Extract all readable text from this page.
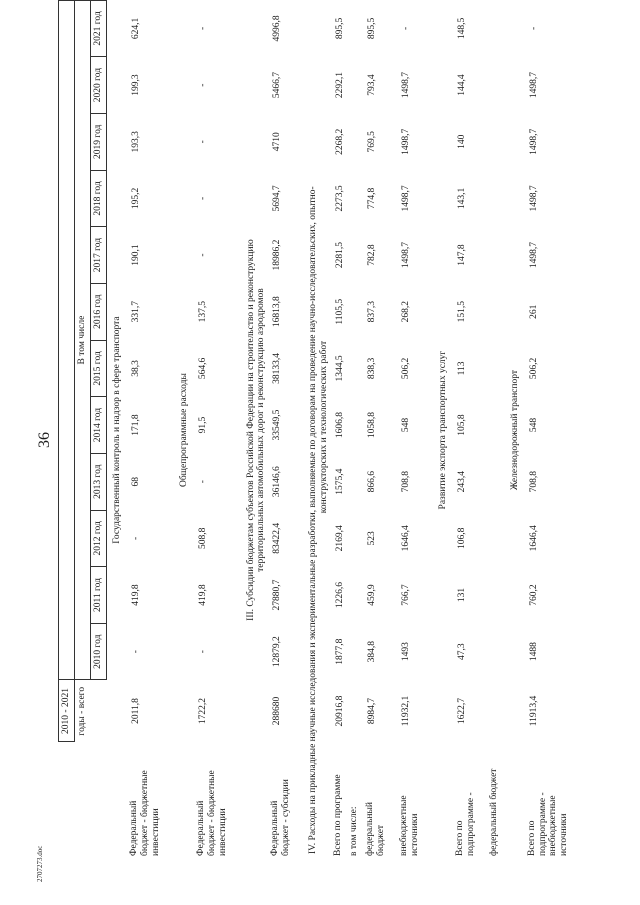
36
2707273.doc
	2010 - 2021												
	годы - всего	В том числе											
		2010 год	2011 год	2012 год	2013 год	2014 год	2015 год	2016 год	2017 год	2018 год	2019 год	2020 год	2021 год

Государственный контроль и надзор в сфере транспорта													

Федеральный бюджет - бюджетные инвестиции	2011,8	-	419,8	-	68	171,8	38,3	331,7	190,1	195,2	193,3	199,3	624,1

Общепрограммные расходы													

Федеральный бюджет - бюджетные инвестиции	1722,2	-	419,8	508,8	-	91,5	564,6	137,5	-	-	-	-	-

III. Субсидии бюджетам субъектов Российской Федерации на строительство и реконструкцию территориальных автомобильных дорог и реконструкцию аэродромов													

Федеральный бюджет - субсидии	288680	12879,2	27880,7	83422,4	36146,6	33549,5	38133,4	16813,8	18986,2	5694,7	4710	5466,7	4996,8

IV. Расходы на прикладные научные исследования и экспериментальные разработки, выполняемые по договорам на проведение научно-исследовательских, опытно- конструкторских и технологических работ													

Всего по программе	20916,8	1877,8	1226,6	2169,4	1575,4	1606,8	1344,5	1105,5	2281,5	2273,5	2268,2	2292,1	895,5

в том числе:													

федеральный бюджет	8984,7	384,8	459,9	523	866,6	1058,8	838,3	837,3	782,8	774,8	769,5	793,4	895,5

внебюджетные источники	11932,1	1493	766,7	1646,4	708,8	548	506,2	268,2	1498,7	1498,7	1498,7	1498,7	-

Развитие экспорта транспортных услуг													

Всего по подпрограмме -	1622,7	47,3	131	106,8	243,4	105,8	113	151,5	147,8	143,1	140	144,4	148,5

федеральный бюджет													

Железнодорожный транспорт													

Всего по подпрограмме - внебюджетные источники	11913,4	1488	760,2	1646,4	708,8	548	506,2	261	1498,7	1498,7	1498,7	1498,7	-
